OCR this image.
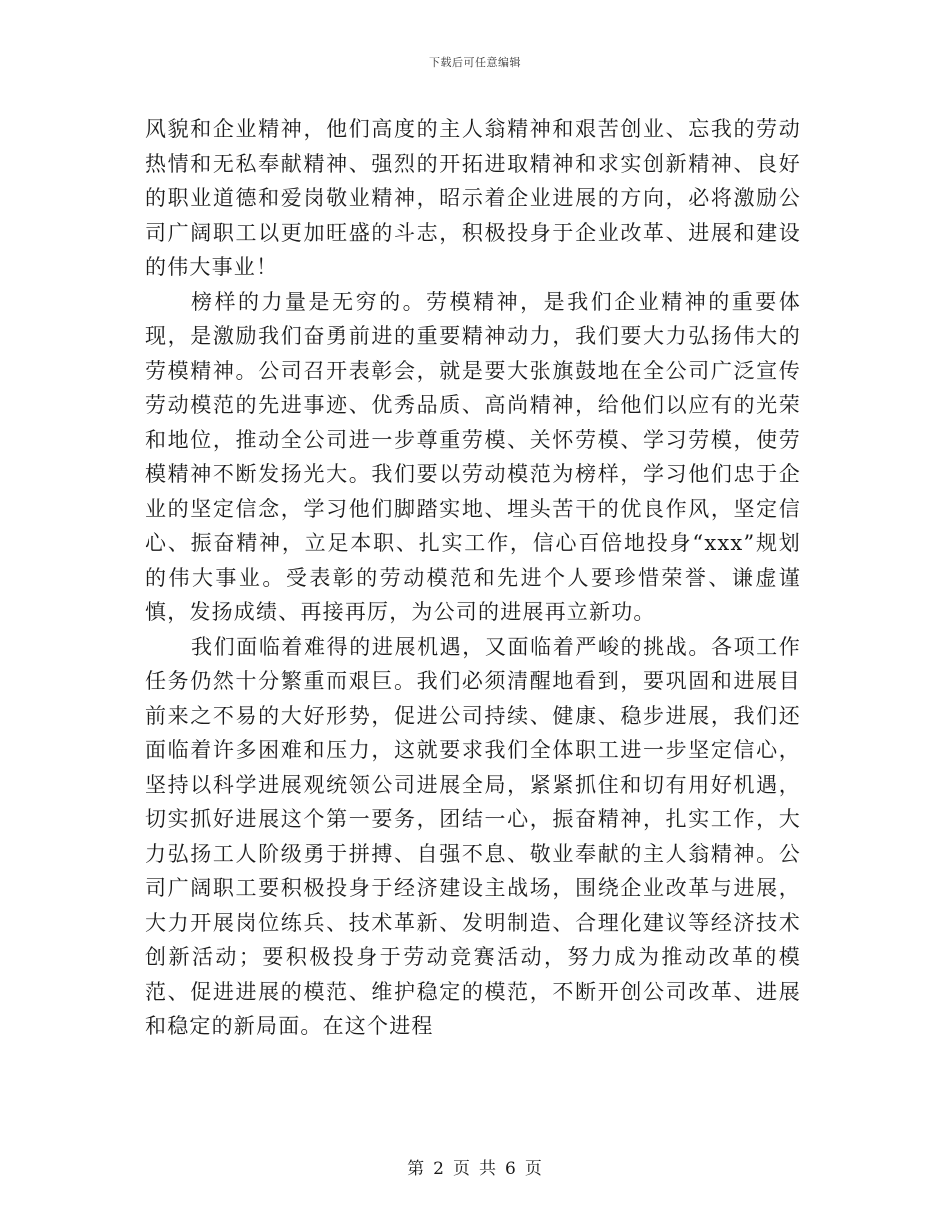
下载后可任意编辑

风貌和企业精神，他们高度的主人翁精神和艰苦创业、忘我的劳动热情和无私奉献精神、强烈的开拓进取精神和求实创新精神、良好的职业道德和爱岗敬业精神，昭示着企业进展的方向，必将激励公司广阔职工以更加旺盛的斗志，积极投身于企业改革、进展和建设的伟大事业！

榜样的力量是无穷的。劳模精神，是我们企业精神的重要体现，是激励我们奋勇前进的重要精神动力，我们要大力弘扬伟大的劳模精神。公司召开表彰会，就是要大张旗鼓地在全公司广泛宣传劳动模范的先进事迹、优秀品质、高尚精神，给他们以应有的光荣和地位，推动全公司进一步尊重劳模、关怀劳模、学习劳模，使劳模精神不断发扬光大。我们要以劳动模范为榜样，学习他们忠于企业的坚定信念，学习他们脚踏实地、埋头苦干的优良作风，坚定信心、振奋精神，立足本职、扎实工作，信心百倍地投身“xxx”规划的伟大事业。受表彰的劳动模范和先进个人要珍惜荣誉、谦虚谨慎，发扬成绩、再接再厉，为公司的进展再立新功。

我们面临着难得的进展机遇，又面临着严峻的挑战。各项工作任务仍然十分繁重而艰巨。我们必须清醒地看到，要巩固和进展目前来之不易的大好形势，促进公司持续、健康、稳步进展，我们还面临着许多困难和压力，这就要求我们全体职工进一步坚定信心，坚持以科学进展观统领公司进展全局，紧紧抓住和切有用好机遇，切实抓好进展这个第一要务，团结一心，振奋精神，扎实工作，大力弘扬工人阶级勇于拼搏、自强不息、敬业奉献的主人翁精神。公司广阔职工要积极投身于经济建设主战场，围绕企业改革与进展，大力开展岗位练兵、技术革新、发明制造、合理化建议等经济技术创新活动；要积极投身于劳动竞赛活动，努力成为推动改革的模范、促进进展的模范、维护稳定的模范，不断开创公司改革、进展和稳定的新局面。在这个进程

第 2 页 共 6 页
